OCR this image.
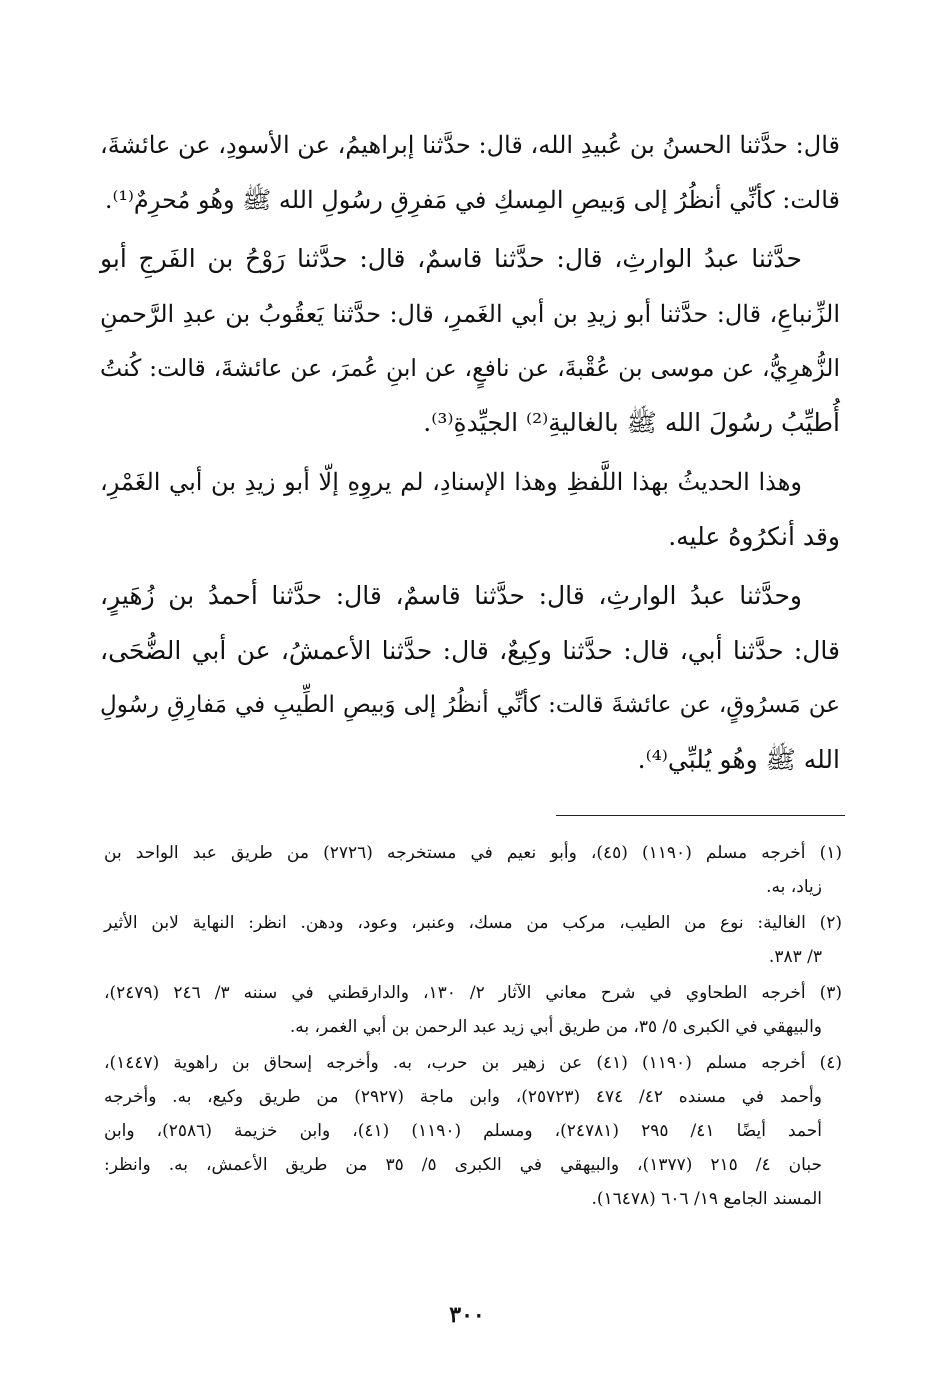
قال: حدَّثنا الحسنُ بن عُبيدِ الله، قال: حدَّثنا إبراهيمُ، عن الأسودِ، عن عائشةَ،
قالت: كأنِّي أنظُرُ إلى وَبيصِ المِسكِ في مَفرِقِ رسُولِ الله ﷺ وهُو مُحرِمٌ⁽¹⁾.

حدَّثنا عبدُ الوارثِ، قال: حدَّثنا قاسمٌ، قال: حدَّثنا رَوْحُ بن الفَرجِ أبو
الزِّنباعِ، قال: حدَّثنا أبو زيدِ بن أبي الغَمرِ، قال: حدَّثنا يَعقُوبُ بن عبدِ الرَّحمنِ
الزُّهرِيُّ، عن موسى بن عُقْبةَ، عن نافعٍ، عن ابنِ عُمرَ، عن عائشةَ، قالت: كُنتُ
أُطيِّبُ رسُولَ الله ﷺ بالغاليةِ⁽²⁾ الجيِّدةِ⁽³⁾.

وهذا الحديثُ بهذا اللَّفظِ وهذا الإسنادِ، لم يروِهِ إلّا أبو زيدِ بن أبي الغَمْرِ،
وقد أنكرُوهُ عليه.

وحدَّثنا عبدُ الوارثِ، قال: حدَّثنا قاسمٌ، قال: حدَّثنا أحمدُ بن زُهَيرٍ،
قال: حدَّثنا أبي، قال: حدَّثنا وكِيعٌ، قال: حدَّثنا الأعمشُ، عن أبي الضُّحَى،
عن مَسرُوقٍ، عن عائشةَ قالت: كأنِّي أنظُرُ إلى وَبيصِ الطِّيبِ في مَفارِقِ رسُولِ
الله ﷺ وهُو يُلبِّي⁽⁴⁾.

(١) أخرجه مسلم (١١٩٠) (٤٥)، وأبو نعيم في مستخرجه (٢٧٢٦) من طريق عبد الواحد بن
زياد، به.

(٢) الغالية: نوع من الطيب، مركب من مسك، وعنبر، وعود، ودهن. انظر: النهاية لابن الأثير
٣/ ٣٨٣.

(٣) أخرجه الطحاوي في شرح معاني الآثار ٢/ ١٣٠، والدارقطني في سننه ٣/ ٢٤٦ (٢٤٧٩)،
والبيهقي في الكبرى ٥/ ٣٥، من طريق أبي زيد عبد الرحمن بن أبي الغمر، به.

(٤) أخرجه مسلم (١١٩٠) (٤١) عن زهير بن حرب، به. وأخرجه إسحاق بن راهوية (١٤٤٧)،
وأحمد في مسنده ٤٢/ ٤٧٤ (٢٥٧٢٣)، وابن ماجة (٢٩٢٧) من طريق وكيع، به. وأخرجه
أحمد أيضًا ٤١/ ٢٩٥ (٢٤٧٨١)، ومسلم (١١٩٠) (٤١)، وابن خزيمة (٢٥٨٦)، وابن
حبان ٤/ ٢١٥ (١٣٧٧)، والبيهقي في الكبرى ٥/ ٣٥ من طريق الأعمش، به. وانظر:
المسند الجامع ١٩/ ٦٠٦ (١٦٤٧٨).

٣٠٠
